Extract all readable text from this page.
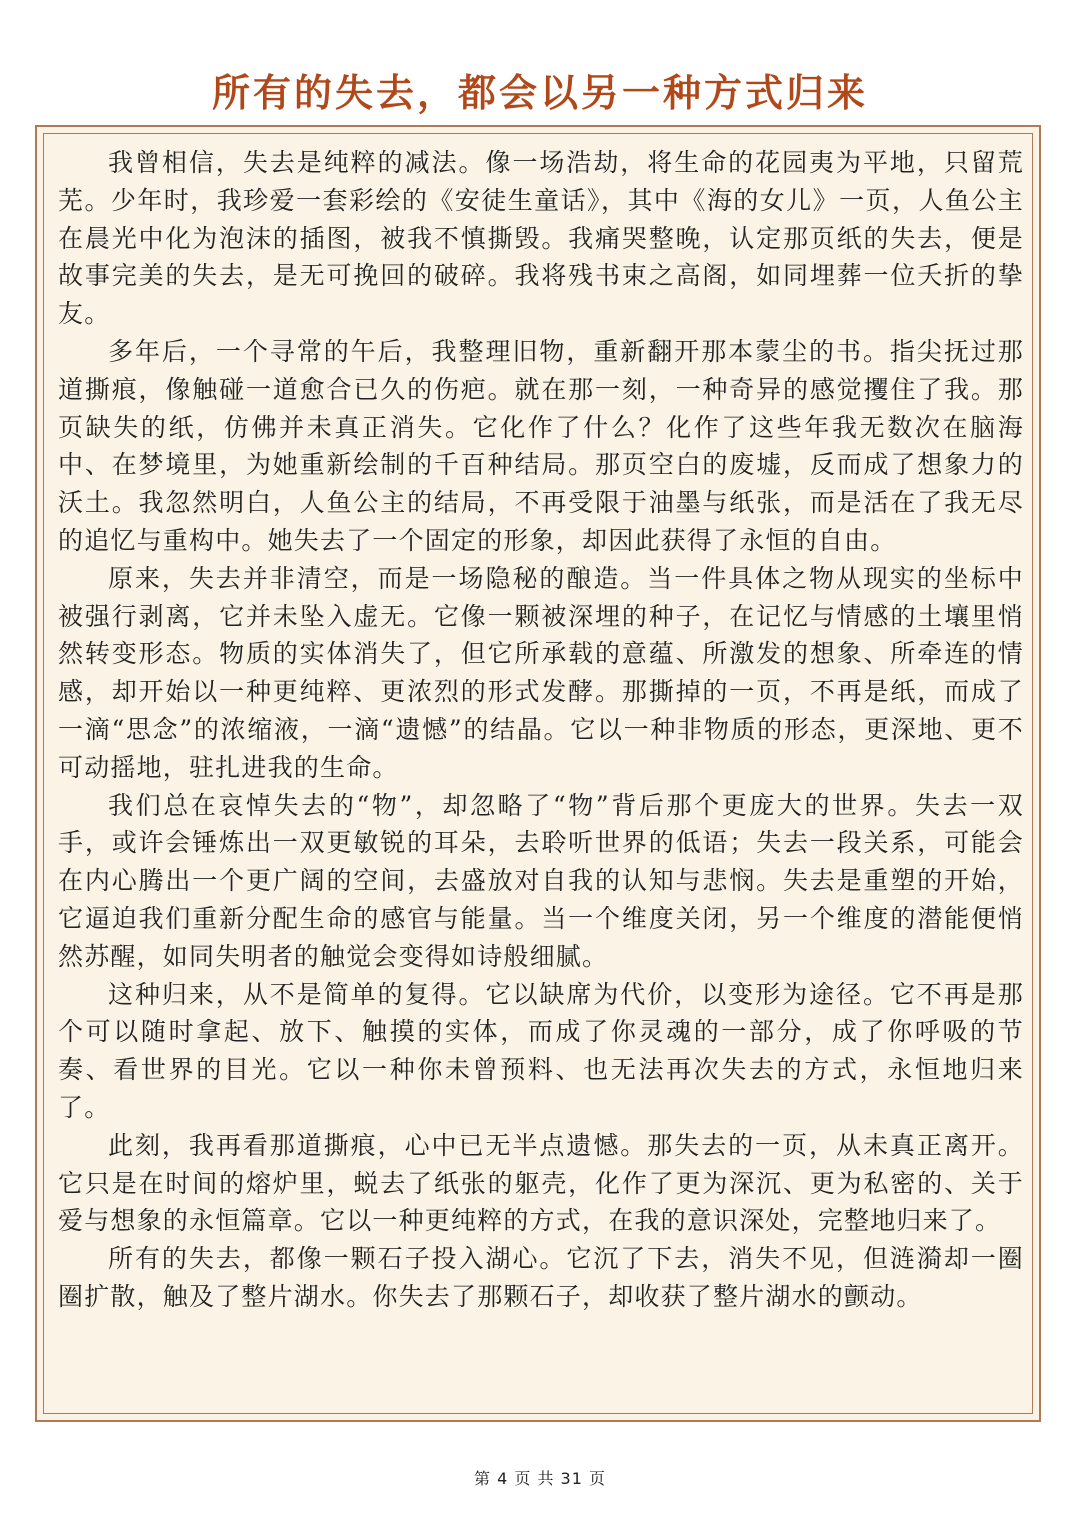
所有的失去，都会以另一种方式归来

我曾相信，失去是纯粹的减法。像一场浩劫，将生命的花园夷为平地，只留荒芜。少年时，我珍爱一套彩绘的《安徒生童话》，其中《海的女儿》一页，人鱼公主在晨光中化为泡沫的插图，被我不慎撕毁。我痛哭整晚，认定那页纸的失去，便是故事完美的失去，是无可挽回的破碎。我将残书束之高阁，如同埋葬一位夭折的挚友。

多年后，一个寻常的午后，我整理旧物，重新翻开那本蒙尘的书。指尖抚过那道撕痕，像触碰一道愈合已久的伤疤。就在那一刻，一种奇异的感觉攫住了我。那页缺失的纸，仿佛并未真正消失。它化作了什么？化作了这些年我无数次在脑海中、在梦境里，为她重新绘制的千百种结局。那页空白的废墟，反而成了想象力的沃土。我忽然明白，人鱼公主的结局，不再受限于油墨与纸张，而是活在了我无尽的追忆与重构中。她失去了一个固定的形象，却因此获得了永恒的自由。

原来，失去并非清空，而是一场隐秘的酿造。当一件具体之物从现实的坐标中被强行剥离，它并未坠入虚无。它像一颗被深埋的种子，在记忆与情感的土壤里悄然转变形态。物质的实体消失了，但它所承载的意蕴、所激发的想象、所牵连的情感，却开始以一种更纯粹、更浓烈的形式发酵。那撕掉的一页，不再是纸，而成了一滴“思念”的浓缩液，一滴“遗憾”的结晶。它以一种非物质的形态，更深地、更不可动摇地，驻扎进我的生命。

我们总在哀悼失去的“物”，却忽略了“物”背后那个更庞大的世界。失去一双手，或许会锤炼出一双更敏锐的耳朵，去聆听世界的低语；失去一段关系，可能会在内心腾出一个更广阔的空间，去盛放对自我的认知与悲悯。失去是重塑的开始，它逼迫我们重新分配生命的感官与能量。当一个维度关闭，另一个维度的潜能便悄然苏醒，如同失明者的触觉会变得如诗般细腻。

这种归来，从不是简单的复得。它以缺席为代价，以变形为途径。它不再是那个可以随时拿起、放下、触摸的实体，而成了你灵魂的一部分，成了你呼吸的节奏、看世界的目光。它以一种你未曾预料、也无法再次失去的方式，永恒地归来了。

此刻，我再看那道撕痕，心中已无半点遗憾。那失去的一页，从未真正离开。它只是在时间的熔炉里，蜕去了纸张的躯壳，化作了更为深沉、更为私密的、关于爱与想象的永恒篇章。它以一种更纯粹的方式，在我的意识深处，完整地归来了。

所有的失去，都像一颗石子投入湖心。它沉了下去，消失不见，但涟漪却一圈圈扩散，触及了整片湖水。你失去了那颗石子，却收获了整片湖水的颤动。

第 4 页 共 31 页
